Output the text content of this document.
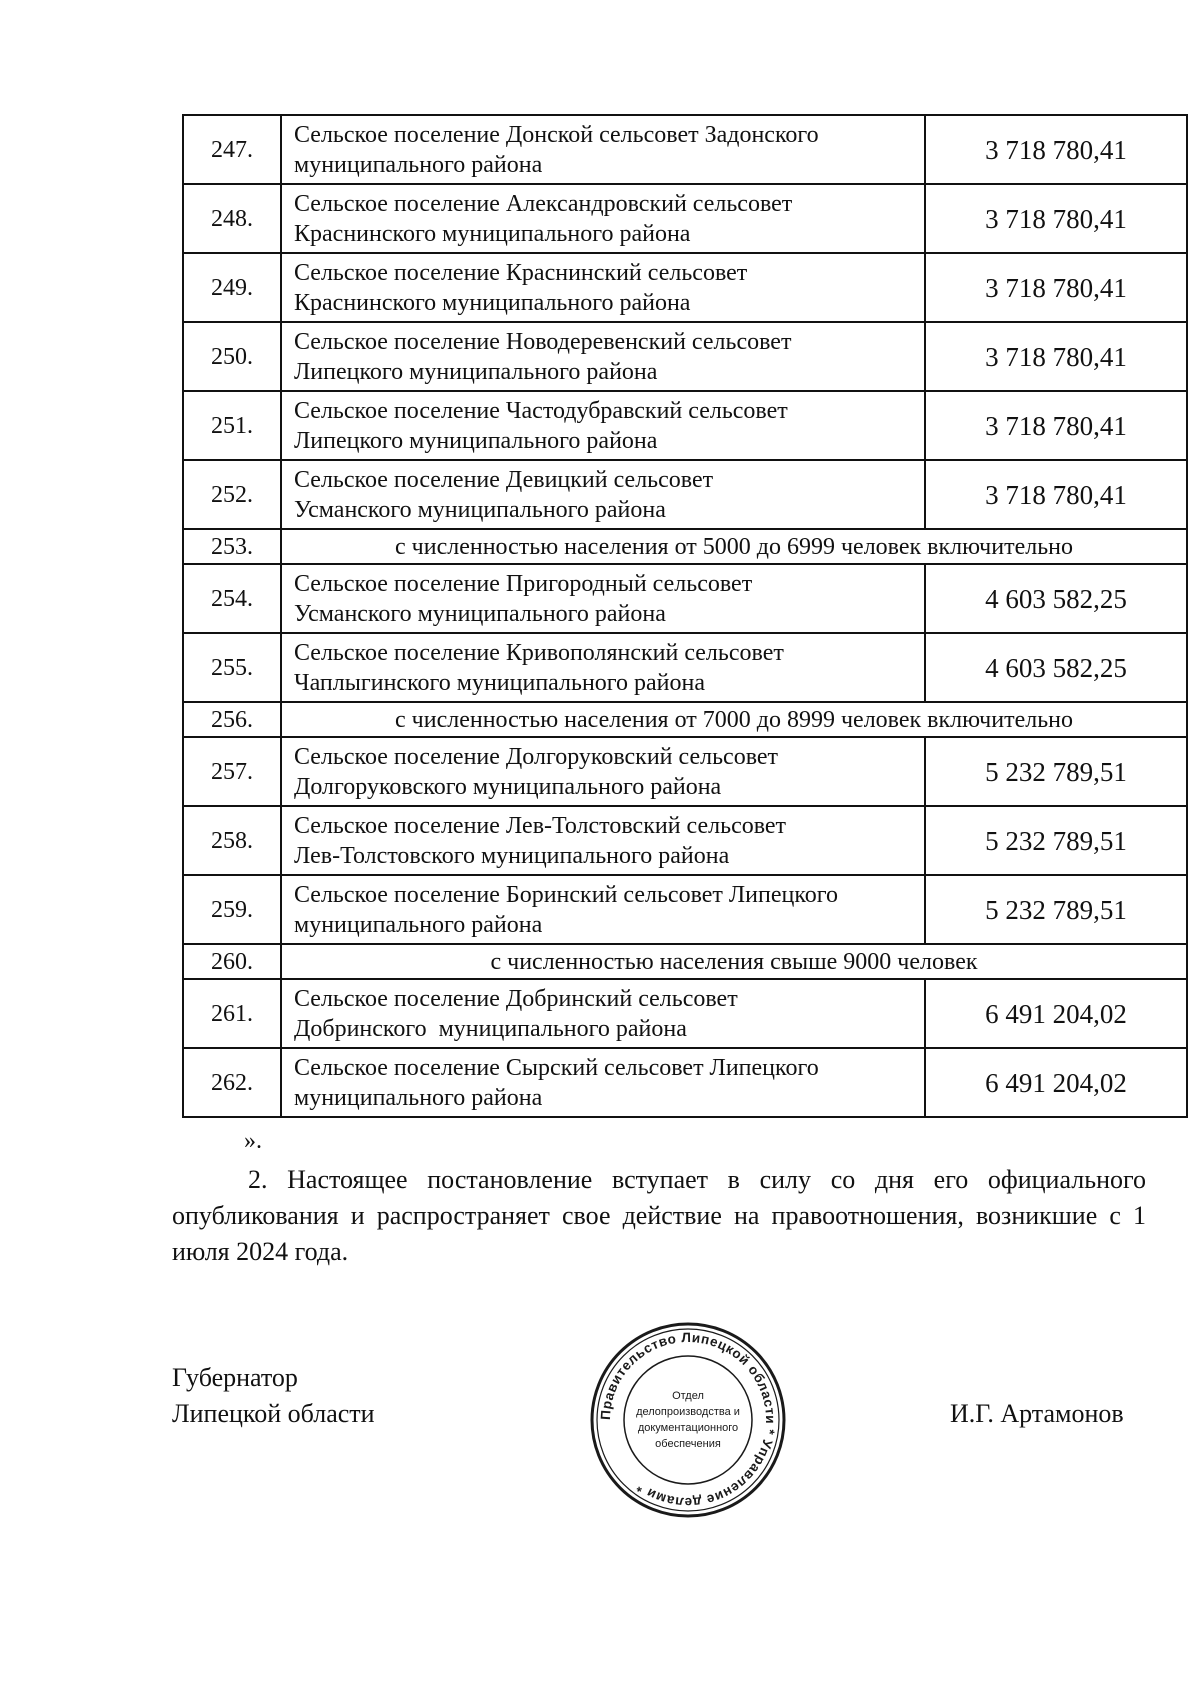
247.	Сельское поселение Донской сельсовет Задонского
муниципального района	3 718 780,41
248.	Сельское поселение Александровский сельсовет
Краснинского муниципального района	3 718 780,41
249.	Сельское поселение Краснинский сельсовет
Краснинского муниципального района	3 718 780,41
250.	Сельское поселение Новодеревенский сельсовет
Липецкого муниципального района	3 718 780,41
251.	Сельское поселение Частодубравский сельсовет
Липецкого муниципального района	3 718 780,41
252.	Сельское поселение Девицкий сельсовет
Усманского муниципального района	3 718 780,41
253.	с численностью населения от 5000 до 6999 человек включительно	
254.	Сельское поселение Пригородный сельсовет
Усманского муниципального района	4 603 582,25
255.	Сельское поселение Кривополянский сельсовет
Чаплыгинского муниципального района	4 603 582,25
256.	с численностью населения от 7000 до 8999 человек включительно	
257.	Сельское поселение Долгоруковский сельсовет
Долгоруковского муниципального района	5 232 789,51
258.	Сельское поселение Лев-Толстовский сельсовет
Лев-Толстовского муниципального района	5 232 789,51
259.	Сельское поселение Боринский сельсовет Липецкого
муниципального района	5 232 789,51
260.	с численностью населения свыше 9000 человек	
261.	Сельское поселение Добринский сельсовет
Добринского  муниципального района	6 491 204,02
262.	Сельское поселение Сырский сельсовет Липецкого
муниципального района	6 491 204,02
».

2. Настоящее постановление вступает в силу со дня его официального опубликования и распространяет свое действие на правоотношения, возникшие с 1 июля 2024 года.

Губернатор
Липецкой области	Правительство Липецкой области * Управление делами *
Отдел
делопроизводства и
документационного
обеспечения
И.Г. Артамонов
